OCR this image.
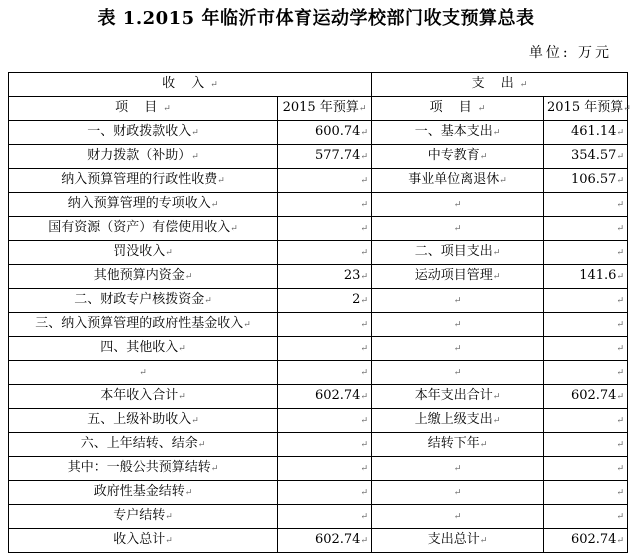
表 1.2015 年临沂市体育运动学校部门收支预算总表
单位: 万元
收 入↵		支 出↵	
项 目↵	2015 年预算↵	项 目↵	2015 年预算↵
一、财政拨款收入↵	600.74↵	一、基本支出↵	461.14↵
财力拨款（补助）↵	577.74↵	中专教育↵	354.57↵
纳入预算管理的行政性收费↵	↵	事业单位离退休↵	106.57↵
纳入预算管理的专项收入↵	↵	↵	↵
国有资源（资产）有偿使用收入↵	↵	↵	↵
罚没收入↵	↵	二、项目支出↵	↵
其他预算内资金↵	23↵	运动项目管理↵	141.6↵
二、财政专户核拨资金↵	2↵	↵	↵
三、纳入预算管理的政府性基金收入↵	↵	↵	↵
四、其他收入↵	↵	↵	↵
↵	↵	↵	↵
本年收入合计↵	602.74↵	本年支出合计↵	602.74↵
五、上级补助收入↵	↵	上缴上级支出↵	↵
六、上年结转、结余↵	↵	结转下年↵	↵
其中：一般公共预算结转↵	↵	↵	↵
政府性基金结转↵	↵	↵	↵
专户结转↵	↵	↵	↵
收入总计↵	602.74↵	支出总计↵	602.74↵
